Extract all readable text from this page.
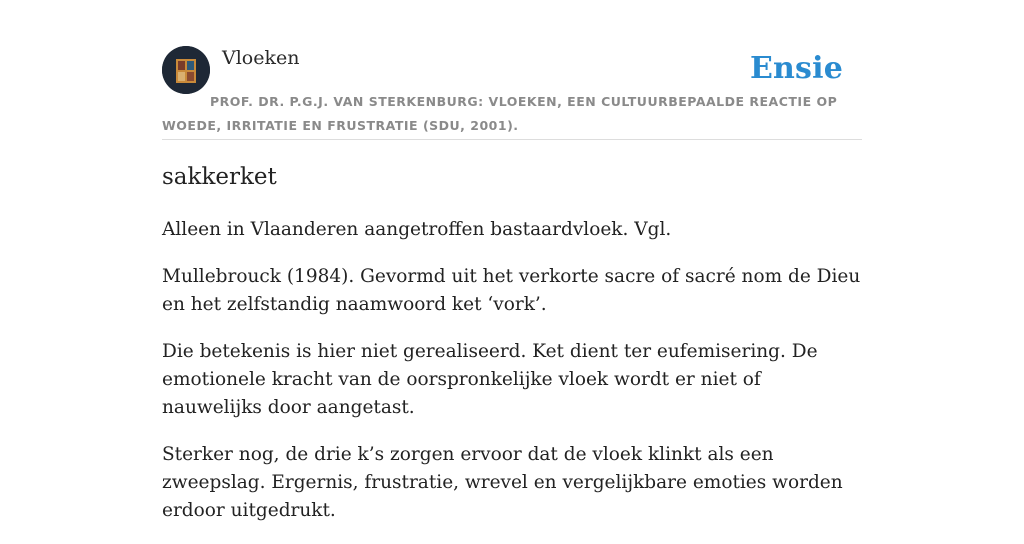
Vloeken	Ensie
PROF. DR. P.G.J. VAN STERKENBURG: VLOEKEN, EEN CULTUURBEPAALDE REACTIE OP WOEDE, IRRITATIE EN FRUSTRATIE (SDU, 2001).
sakkerket

Alleen in Vlaanderen aangetroffen bastaardvloek. Vgl.

Mullebrouck (1984). Gevormd uit het verkorte sacre of sacré nom de Dieu en het zelfstandig naamwoord ket ‘vork’.

Die betekenis is hier niet gerealiseerd. Ket dient ter eufemisering. De emotionele kracht van de oorspronkelijke vloek wordt er niet of nauwelijks door aangetast.

Sterker nog, de drie k’s zorgen ervoor dat de vloek klinkt als een zweepslag. Ergernis, frustratie, wrevel en vergelijkbare emoties worden erdoor uitgedrukt.
